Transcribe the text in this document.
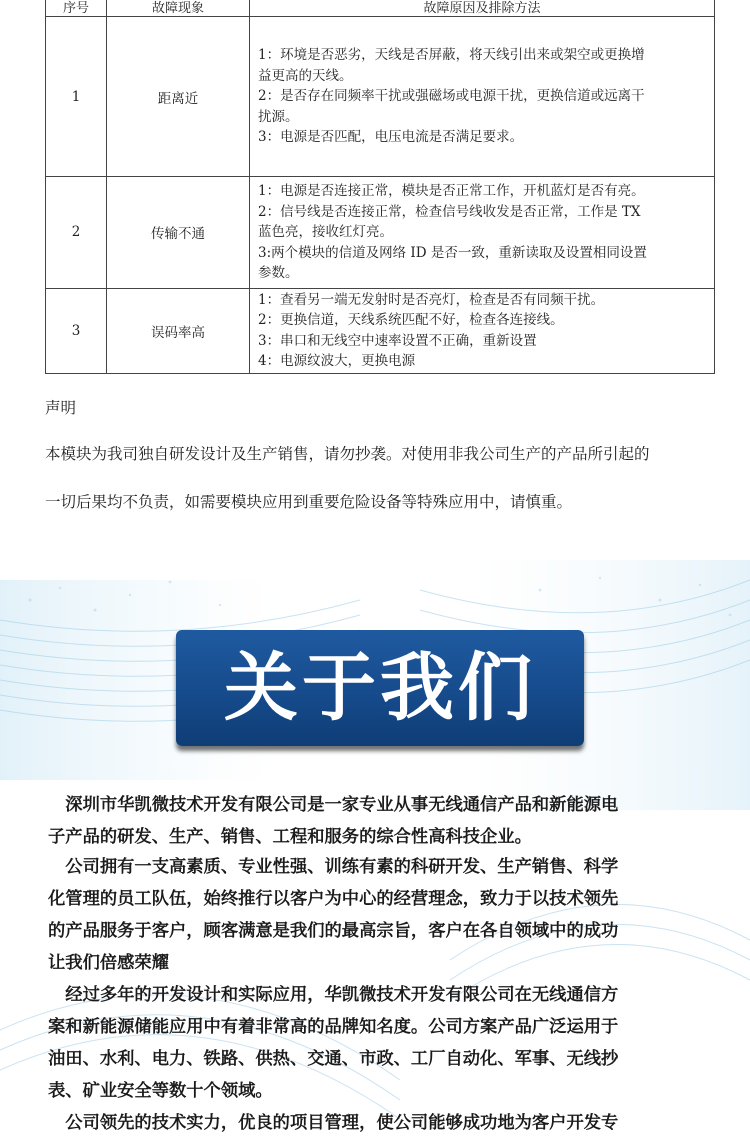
序号	故障现象	故障原因及排除方法
1	距离近	1：环境是否恶劣，天线是否屏蔽，将天线引出来或架空或更换增
益更高的天线。
2：是否存在同频率干扰或强磁场或电源干扰，更换信道或远离干
扰源。
3：电源是否匹配，电压电流是否满足要求。

2	传输不通	1：电源是否连接正常，模块是否正常工作，开机蓝灯是否有亮。
2：信号线是否连接正常，检查信号线收发是否正常，工作是 TX
蓝色亮，接收红灯亮。
3:两个模块的信道及网络 ID 是否一致，重新读取及设置相同设置
参数。

3	误码率高	1：查看另一端无发射时是否亮灯，检查是否有同频干扰。
2：更换信道，天线系统匹配不好，检查各连接线。
3：串口和无线空中速率设置不正确，重新设置
4：电源纹波大，更换电源
声明
本模块为我司独自研发设计及生产销售，请勿抄袭。对使用非我公司生产的产品所引起的
一切后果均不负责，如需要模块应用到重要危险设备等特殊应用中，请慎重。
关于我们
　深圳市华凯微技术开发有限公司是一家专业从事无线通信产品和新能源电
子产品的研发、生产、销售、工程和服务的综合性高科技企业。
　公司拥有一支高素质、专业性强、训练有素的科研开发、生产销售、科学
化管理的员工队伍，始终推行以客户为中心的经营理念，致力于以技术领先
的产品服务于客户，顾客满意是我们的最高宗旨，客户在各自领域中的成功
让我们倍感荣耀
　经过多年的开发设计和实际应用，华凯微技术开发有限公司在无线通信方
案和新能源储能应用中有着非常高的品牌知名度。公司方案产品广泛运用于
油田、水利、电力、铁路、供热、交通、市政、工厂自动化、军事、无线抄
表、矿业安全等数十个领域。
　公司领先的技术实力，优良的项目管理，使公司能够成功地为客户开发专
